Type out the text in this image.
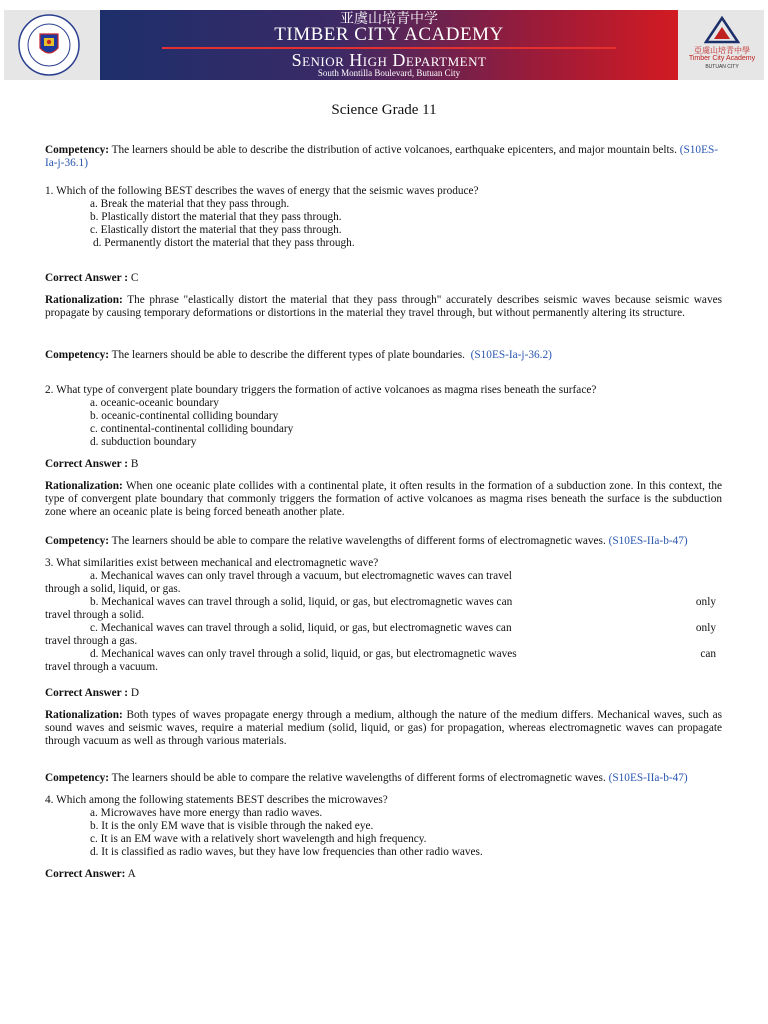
亚虞山培青中学
TIMBER CITY ACADEMY
Senior High Department
South Montilla Boulevard, Butuan City
亞虞山培青中學
Timber City Academy
BUTUAN CITY
Science Grade 11

Competency: The learners should be able to describe the distribution of active volcanoes, earthquake epicenters, and major mountain belts. (S10ES-Ia-j-36.1)

1. Which of the following BEST describes the waves of energy that the seismic waves produce?

a. Break the material that they pass through.

b. Plastically distort the material that they pass through.

c. Elastically distort the material that they pass through.

d. Permanently distort the material that they pass through.

Correct Answer : C

Rationalization: The phrase "elastically distort the material that they pass through" accurately describes seismic waves because seismic waves propagate by causing temporary deformations or distortions in the material they travel through, but without permanently altering its structure.

Competency: The learners should be able to describe the different types of plate boundaries. (S10ES-Ia-j-36.2)

2. What type of convergent plate boundary triggers the formation of active volcanoes as magma rises beneath the surface?

a. oceanic-oceanic boundary

b. oceanic-continental colliding boundary

c. continental-continental colliding boundary

d. subduction boundary

Correct Answer : B

Rationalization: When one oceanic plate collides with a continental plate, it often results in the formation of a subduction zone. In this context, the type of convergent plate boundary that commonly triggers the formation of active volcanoes as magma rises beneath the surface is the subduction zone where an oceanic plate is being forced beneath another plate.

Competency: The learners should be able to compare the relative wavelengths of different forms of electromagnetic waves. (S10ES-IIa-b-47)

3. What similarities exist between mechanical and electromagnetic wave?

a. Mechanical waves can only travel through a vacuum, but electromagnetic waves can travel

through a solid, liquid, or gas.

b. Mechanical waves can travel through a solid, liquid, or gas, but electromagnetic waves can	only

travel through a solid.

c. Mechanical waves can travel through a solid, liquid, or gas, but electromagnetic waves can	only

travel through a gas.

d. Mechanical waves can only travel through a solid, liquid, or gas, but electromagnetic waves	can

travel through a vacuum.

Correct Answer : D

Rationalization: Both types of waves propagate energy through a medium, although the nature of the medium differs. Mechanical waves, such as sound waves and seismic waves, require a material medium (solid, liquid, or gas) for propagation, whereas electromagnetic waves can propagate through vacuum as well as through various materials.

Competency: The learners should be able to compare the relative wavelengths of different forms of electromagnetic waves. (S10ES-IIa-b-47)

4. Which among the following statements BEST describes the microwaves?

a. Microwaves have more energy than radio waves.

b. It is the only EM wave that is visible through the naked eye.

c. It is an EM wave with a relatively short wavelength and high frequency.

d. It is classified as radio waves, but they have low frequencies than other radio waves.

Correct Answer: A
